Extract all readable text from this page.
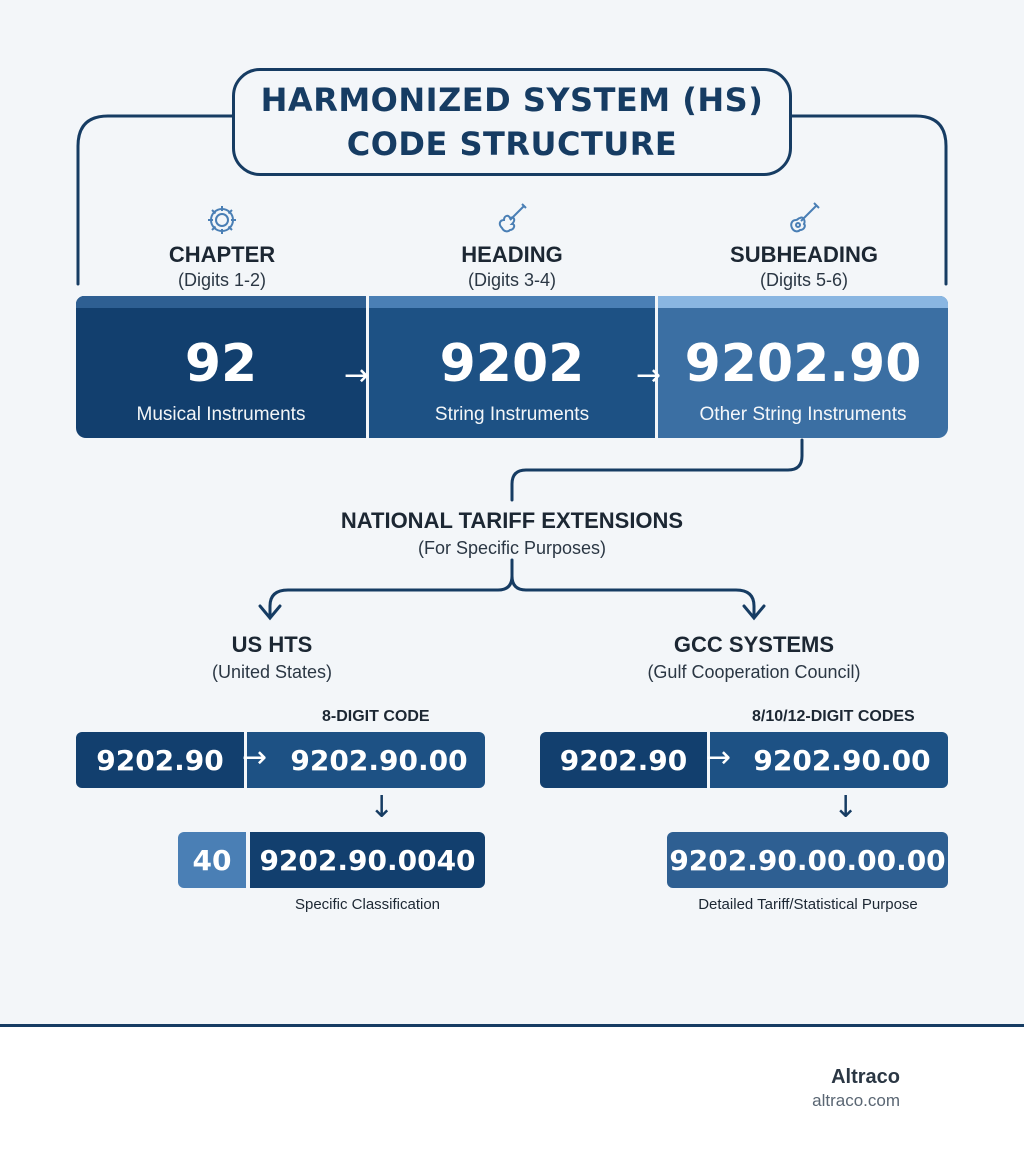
HARMONIZED SYSTEM (HS)
CODE STRUCTURE
CHAPTER
(Digits 1-2)
HEADING
(Digits 3-4)
SUBHEADING
(Digits 5-6)
92
Musical Instruments
9202
String Instruments
9202.90
Other String Instruments
→	→
NATIONAL TARIFF EXTENSIONS
(For Specific Purposes)
US HTS
(United States)
8-DIGIT CODE
9202.90	9202.90.00
→
↓
40 9202.90.0040
Specific Classification
GCC SYSTEMS
(Gulf Cooperation Council)
8/10/12-DIGIT CODES
9202.90	9202.90.00
→
↓
9202.90.00.00.00
Detailed Tariff/Statistical Purpose
Altraco
altraco.com
